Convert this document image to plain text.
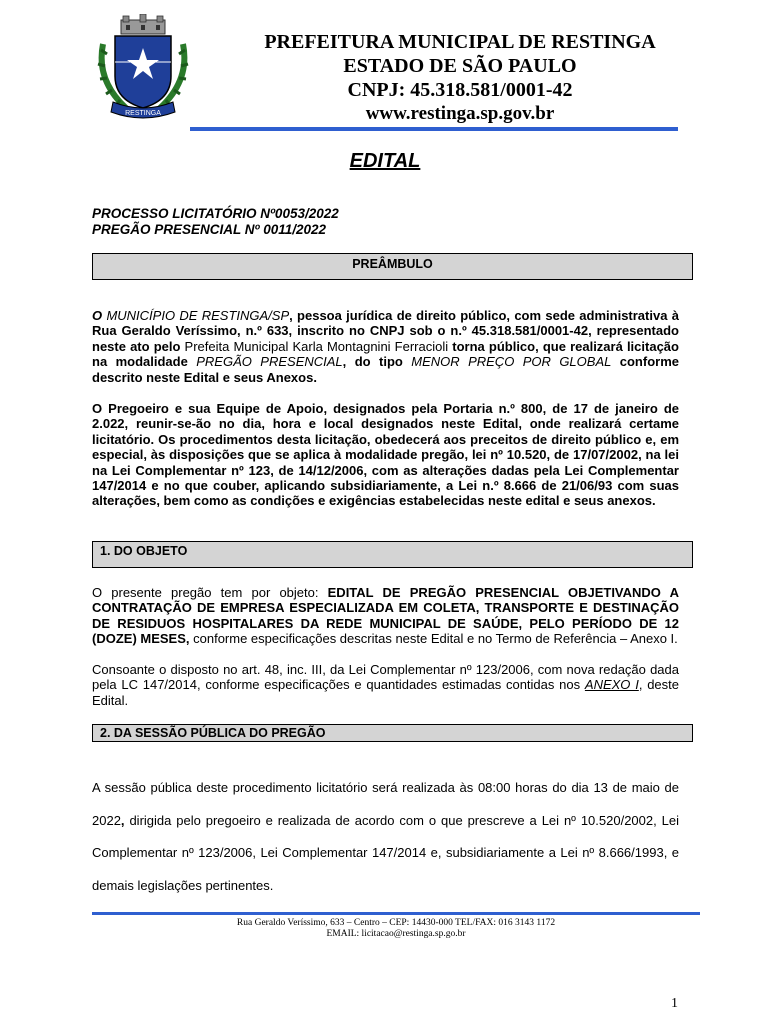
RESTINGA
PREFEITURA MUNICIPAL DE RESTINGA
ESTADO DE SÃO PAULO
CNPJ: 45.318.581/0001-42
www.restinga.sp.gov.br
EDITAL
PROCESSO LICITATÓRIO Nº0053/2022
PREGÃO PRESENCIAL Nº 0011/2022
PREÂMBULO
O MUNICÍPIO DE RESTINGA/SP, pessoa jurídica de direito público, com sede administrativa à Rua Geraldo Veríssimo, n.º 633, inscrito no CNPJ sob o n.º 45.318.581/0001-42, representado neste ato pelo Prefeita Municipal Karla Montagnini Ferracioli torna público, que realizará licitação na modalidade PREGÃO PRESENCIAL, do tipo MENOR PREÇO POR GLOBAL conforme descrito neste Edital e seus Anexos.
O Pregoeiro e sua Equipe de Apoio, designados pela Portaria n.º 800, de 17 de janeiro de 2.022, reunir-se-ão no dia, hora e local designados neste Edital, onde realizará certame licitatório. Os procedimentos desta licitação, obedecerá aos preceitos de direito público e, em especial, às disposições que se aplica à modalidade pregão, lei nº 10.520, de 17/07/2002, na lei na Lei Complementar nº 123, de 14/12/2006, com as alterações dadas pela Lei Complementar 147/2014 e no que couber, aplicando subsidiariamente, a Lei n.º 8.666 de 21/06/93 com suas alterações, bem como as condições e exigências estabelecidas neste edital e seus anexos.
1. DO OBJETO
O presente pregão tem por objeto: EDITAL DE PREGÃO PRESENCIAL OBJETIVANDO A CONTRATAÇÃO DE EMPRESA ESPECIALIZADA EM COLETA, TRANSPORTE E DESTINAÇÃO DE RESIDUOS HOSPITALARES DA REDE MUNICIPAL DE SAÚDE, PELO PERÍODO DE 12 (DOZE) MESES, conforme especificações descritas neste Edital e no Termo de Referência – Anexo I.
Consoante o disposto no art. 48, inc. III, da Lei Complementar nº 123/2006, com nova redação dada pela LC 147/2014, conforme especificações e quantidades estimadas contidas nos ANEXO I, deste Edital.
2. DA SESSÃO PÚBLICA DO PREGÃO
A sessão pública deste procedimento licitatório será realizada às 08:00 horas do dia 13 de maio de 2022, dirigida pelo pregoeiro e realizada de acordo com o que prescreve a Lei nº 10.520/2002, Lei Complementar nº 123/2006, Lei Complementar 147/2014 e, subsidiariamente a Lei nº 8.666/1993, e demais legislações pertinentes.
Rua Geraldo Veríssimo, 633 – Centro – CEP: 14430-000 TEL/FAX: 016 3143 1172
EMAIL: licitacao@restinga.sp.go.br
1
